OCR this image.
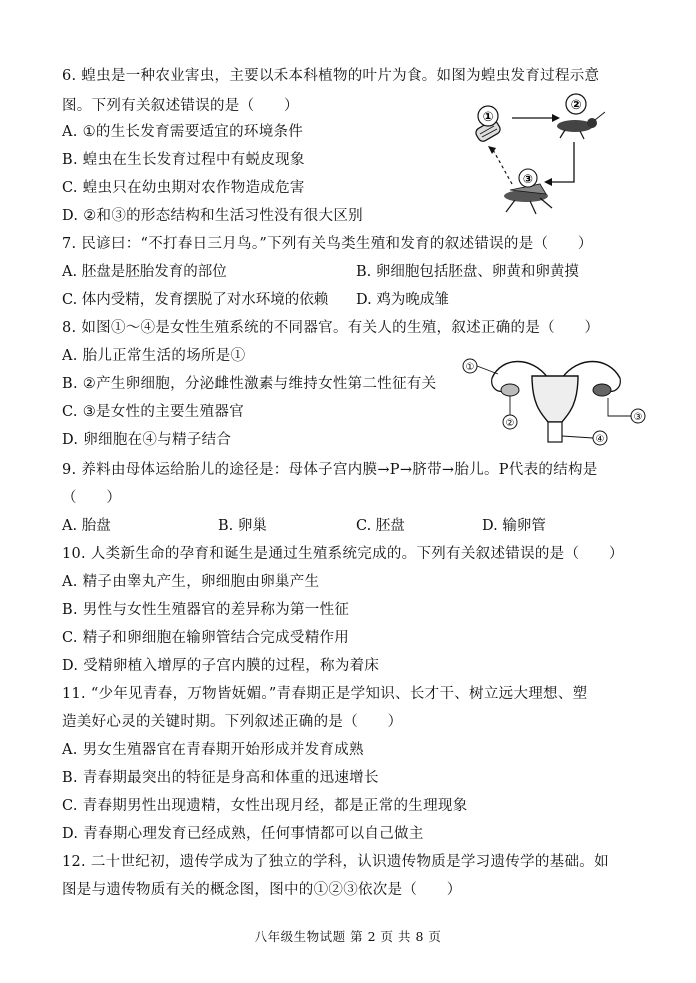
6. 蝗虫是一种农业害虫，主要以禾本科植物的叶片为食。如图为蝗虫发育过程示意
图。下列有关叙述错误的是（　　）
A. ①的生长发育需要适宜的环境条件
B. 蝗虫在生长发育过程中有蜕皮现象
C. 蝗虫只在幼虫期对农作物造成危害
D. ②和③的形态结构和生活习性没有很大区别
①
②
③
7. 民谚曰：“不打春日三月鸟。”下列有关鸟类生殖和发育的叙述错误的是（　　）
A. 胚盘是胚胎发育的部位	B. 卵细胞包括胚盘、卵黄和卵黄摸
C. 体内受精，发育摆脱了对水环境的依赖 D. 鸡为晚成雏
8. 如图①～④是女性生殖系统的不同器官。有关人的生殖，叙述正确的是（　　）
A. 胎儿正常生活的场所是①
B. ②产生卵细胞，分泌雌性激素与维持女性第二性征有关
C. ③是女性的主要生殖器官
D. 卵细胞在④与精子结合
①
②
③
④
9. 养料由母体运给胎儿的途径是：母体子宫内膜→P→脐带→胎儿。P代表的结构是
（　　）
A. 胎盘	B. 卵巢	C. 胚盘	D. 输卵管
10. 人类新生命的孕育和诞生是通过生殖系统完成的。下列有关叙述错误的是（　　）
A. 精子由睾丸产生，卵细胞由卵巢产生
B. 男性与女性生殖器官的差异称为第一性征
C. 精子和卵细胞在输卵管结合完成受精作用
D. 受精卵植入增厚的子宫内膜的过程，称为着床
11. “少年见青春，万物皆妩媚。”青春期正是学知识、长才干、树立远大理想、塑
造美好心灵的关键时期。下列叙述正确的是（　　）
A. 男女生殖器官在青春期开始形成并发育成熟
B. 青春期最突出的特征是身高和体重的迅速增长
C. 青春期男性出现遗精，女性出现月经，都是正常的生理现象
D. 青春期心理发育已经成熟，任何事情都可以自己做主
12. 二十世纪初，遗传学成为了独立的学科，认识遗传物质是学习遗传学的基础。如
图是与遗传物质有关的概念图，图中的①②③依次是（　　）
八年级生物试题 第 2 页 共 8 页
